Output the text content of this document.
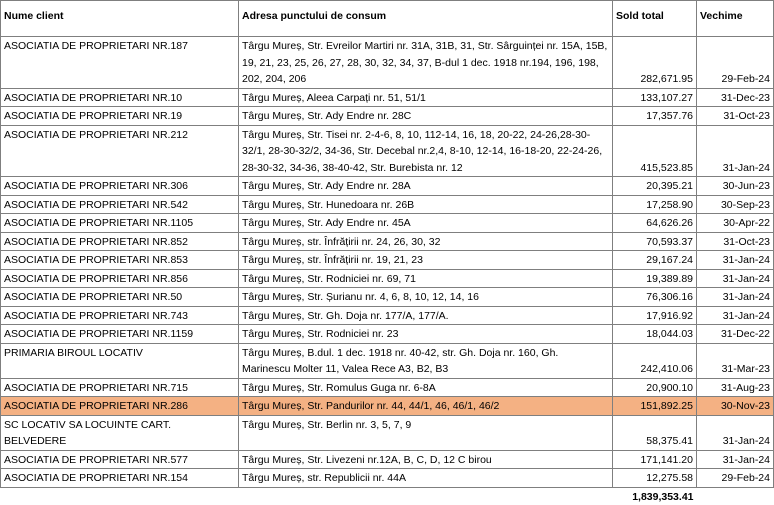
Nume client	Adresa punctului de consum	Sold total	Vechime
ASOCIATIA DE PROPRIETARI NR.187	Târgu Mureș, Str. Evreilor Martiri nr. 31A, 31B, 31, Str. Sârguinței nr. 15A, 15B, 19, 21, 23, 25, 26, 27, 28, 30, 32, 34, 37, B-dul 1 dec. 1918 nr.194, 196, 198, 202, 204, 206	282,671.95	29-Feb-24
ASOCIATIA DE PROPRIETARI NR.10	Târgu Mureș, Aleea Carpați nr. 51, 51/1	133,107.27	31-Dec-23
ASOCIATIA DE PROPRIETARI NR.19	Târgu Mureș, Str. Ady Endre nr. 28C	17,357.76	31-Oct-23
ASOCIATIA DE PROPRIETARI NR.212	Târgu Mureș, Str. Tisei nr. 2-4-6, 8, 10, 112-14, 16, 18, 20-22, 24-26,28-30-32/1, 28-30-32/2, 34-36, Str. Decebal nr.2,4, 8-10, 12-14, 16-18-20, 22-24-26, 28-30-32, 34-36, 38-40-42, Str. Burebista nr. 12	415,523.85	31-Jan-24
ASOCIATIA DE PROPRIETARI NR.306	Târgu Mureș, Str. Ady Endre nr. 28A	20,395.21	30-Jun-23
ASOCIATIA DE PROPRIETARI NR.542	Târgu Mureș, Str. Hunedoara nr. 26B	17,258.90	30-Sep-23
ASOCIATIA DE PROPRIETARI NR.1105	Târgu Mureș, Str. Ady Endre nr. 45A	64,626.26	30-Apr-22
ASOCIATIA DE PROPRIETARI NR.852	Târgu Mureș, str. Înfrățirii nr. 24, 26, 30, 32	70,593.37	31-Oct-23
ASOCIATIA DE PROPRIETARI NR.853	Târgu Mureș, str. Înfrățirii nr. 19, 21, 23	29,167.24	31-Jan-24
ASOCIATIA DE PROPRIETARI NR.856	Târgu Mureș, Str. Rodniciei nr. 69, 71	19,389.89	31-Jan-24
ASOCIATIA DE PROPRIETARI NR.50	Târgu Mureș, Str. Șurianu nr. 4, 6, 8, 10, 12, 14, 16	76,306.16	31-Jan-24
ASOCIATIA DE PROPRIETARI NR.743	Târgu Mureș, Str. Gh. Doja nr. 177/A, 177/A.	17,916.92	31-Jan-24
ASOCIATIA DE PROPRIETARI NR.1159	Târgu Mureș, Str. Rodniciei nr. 23	18,044.03	31-Dec-22
PRIMARIA BIROUL LOCATIV	Târgu Mureș, B.dul. 1 dec. 1918 nr. 40-42, str. Gh. Doja nr. 160, Gh. Marinescu Molter 11, Valea Rece A3, B2, B3	242,410.06	31-Mar-23
ASOCIATIA DE PROPRIETARI NR.715	Târgu Mureș, Str. Romulus Guga nr. 6-8A	20,900.10	31-Aug-23
ASOCIATIA DE PROPRIETARI NR.286	Târgu Mureș, Str. Pandurilor nr. 44, 44/1, 46, 46/1, 46/2	151,892.25	30-Nov-23
SC LOCATIV SA LOCUINTE CART. BELVEDERE	Târgu Mureș, Str. Berlin nr. 3, 5, 7, 9	58,375.41	31-Jan-24
ASOCIATIA DE PROPRIETARI NR.577	Târgu Mureș, Str. Livezeni nr.12A, B, C, D, 12 C birou	171,141.20	31-Jan-24
ASOCIATIA DE PROPRIETARI NR.154	Târgu Mureș, str. Republicii nr. 44A	12,275.58	29-Feb-24
		1,839,353.41	
